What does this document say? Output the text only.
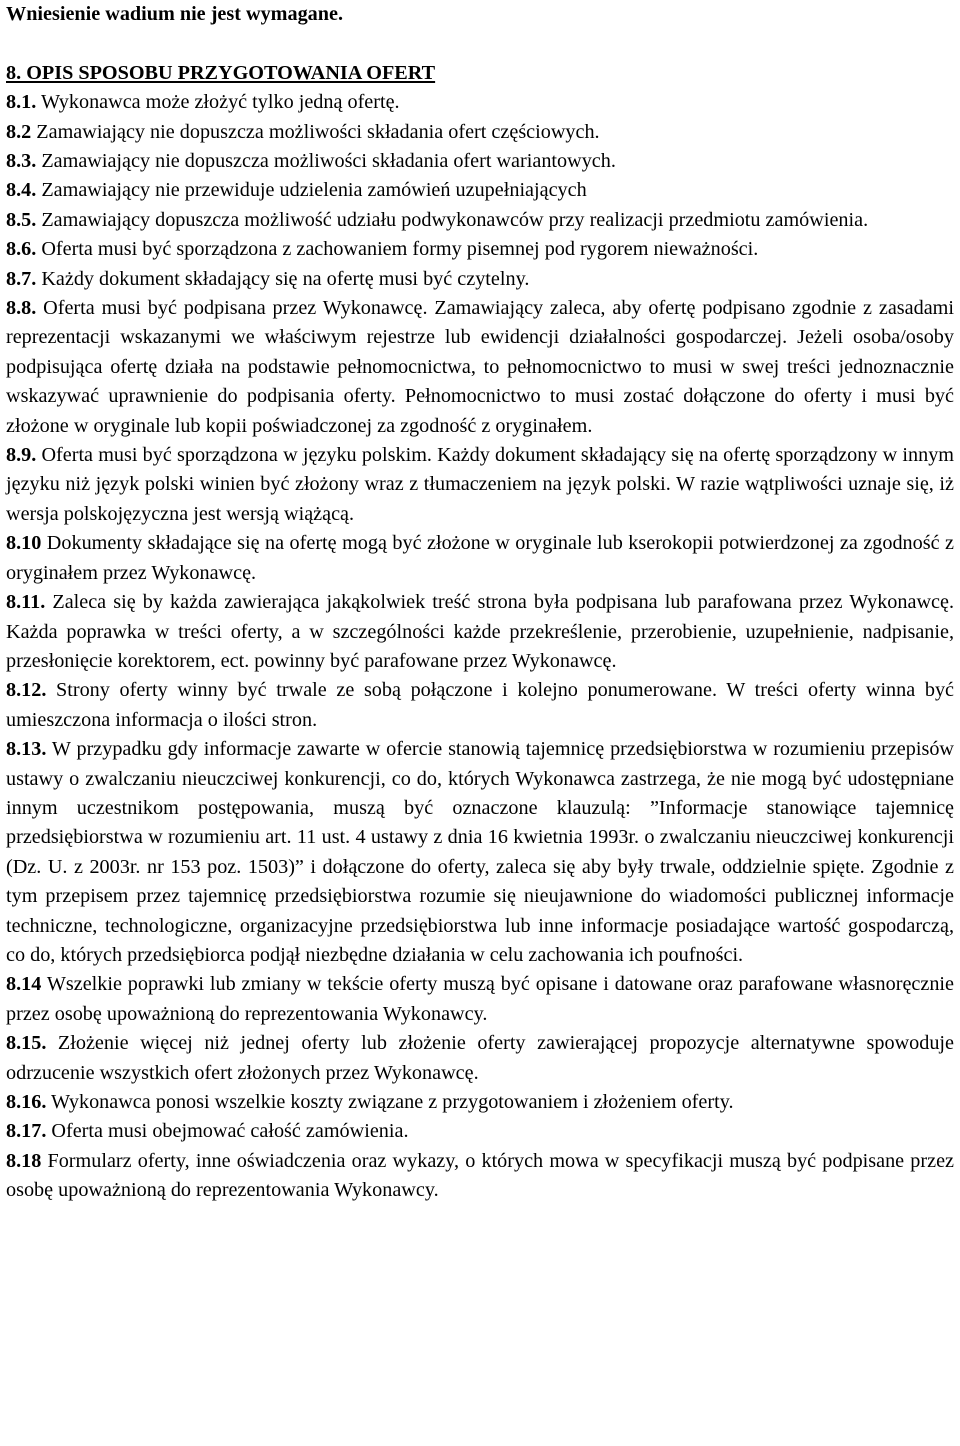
Wniesienie wadium nie jest wymagane.

8. OPIS SPOSOBU PRZYGOTOWANIA OFERT

8.1. Wykonawca może złożyć tylko jedną ofertę.

8.2 Zamawiający nie dopuszcza możliwości składania ofert częściowych.

8.3. Zamawiający nie dopuszcza możliwości składania ofert wariantowych.

8.4. Zamawiający nie przewiduje udzielenia zamówień uzupełniających

8.5. Zamawiający dopuszcza możliwość udziału podwykonawców przy realizacji przedmiotu zamówienia.

8.6. Oferta musi być sporządzona z zachowaniem formy pisemnej pod rygorem nieważności.

8.7. Każdy dokument składający się na ofertę musi być czytelny.

8.8. Oferta musi być podpisana przez Wykonawcę. Zamawiający zaleca, aby ofertę podpisano zgodnie z zasadami reprezentacji wskazanymi we właściwym rejestrze lub ewidencji działalności gospodarczej. Jeżeli osoba/osoby podpisująca ofertę działa na podstawie pełnomocnictwa, to pełnomocnictwo to musi w swej treści jednoznacznie wskazywać uprawnienie do podpisania oferty. Pełnomocnictwo to musi zostać dołączone do oferty i musi być złożone w oryginale lub kopii poświadczonej za zgodność z oryginałem.

8.9. Oferta musi być sporządzona w języku polskim. Każdy dokument składający się na ofertę sporządzony w innym języku niż język polski winien być złożony wraz z tłumaczeniem na język polski. W razie wątpliwości uznaje się, iż wersja polskojęzyczna jest wersją wiążącą.

8.10 Dokumenty składające się na ofertę mogą być złożone w oryginale lub kserokopii potwierdzonej za zgodność z oryginałem przez Wykonawcę.

8.11. Zaleca się by każda zawierająca jakąkolwiek treść strona była podpisana lub parafowana przez Wykonawcę. Każda poprawka w treści oferty, a w szczególności każde przekreślenie, przerobienie, uzupełnienie, nadpisanie, przesłonięcie korektorem, ect. powinny być parafowane przez Wykonawcę.

8.12. Strony oferty winny być trwale ze sobą połączone i kolejno ponumerowane. W treści oferty winna być umieszczona informacja o ilości stron.

8.13. W przypadku gdy informacje zawarte w ofercie stanowią tajemnicę przedsiębiorstwa w rozumieniu przepisów ustawy o zwalczaniu nieuczciwej konkurencji, co do, których Wykonawca zastrzega, że nie mogą być udostępniane innym uczestnikom postępowania, muszą być oznaczone klauzulą: ”Informacje stanowiące tajemnicę przedsiębiorstwa w rozumieniu art. 11 ust. 4 ustawy z dnia 16 kwietnia 1993r. o zwalczaniu nieuczciwej konkurencji (Dz. U. z 2003r. nr 153 poz. 1503)” i dołączone do oferty, zaleca się aby były trwale, oddzielnie spięte. Zgodnie z tym przepisem przez tajemnicę przedsiębiorstwa rozumie się nieujawnione do wiadomości publicznej informacje techniczne, technologiczne, organizacyjne przedsiębiorstwa lub inne informacje posiadające wartość gospodarczą, co do, których przedsiębiorca podjął niezbędne działania w celu zachowania ich poufności.

8.14 Wszelkie poprawki lub zmiany w tekście oferty muszą być opisane i datowane oraz parafowane własnoręcznie przez osobę upoważnioną do reprezentowania Wykonawcy.

8.15. Złożenie więcej niż jednej oferty lub złożenie oferty zawierającej propozycje alternatywne spowoduje odrzucenie wszystkich ofert złożonych przez Wykonawcę.

8.16. Wykonawca ponosi wszelkie koszty związane z przygotowaniem i złożeniem oferty.

8.17. Oferta musi obejmować całość zamówienia.

8.18 Formularz oferty, inne oświadczenia oraz wykazy, o których mowa w specyfikacji muszą być podpisane przez osobę upoważnioną do reprezentowania Wykonawcy.
